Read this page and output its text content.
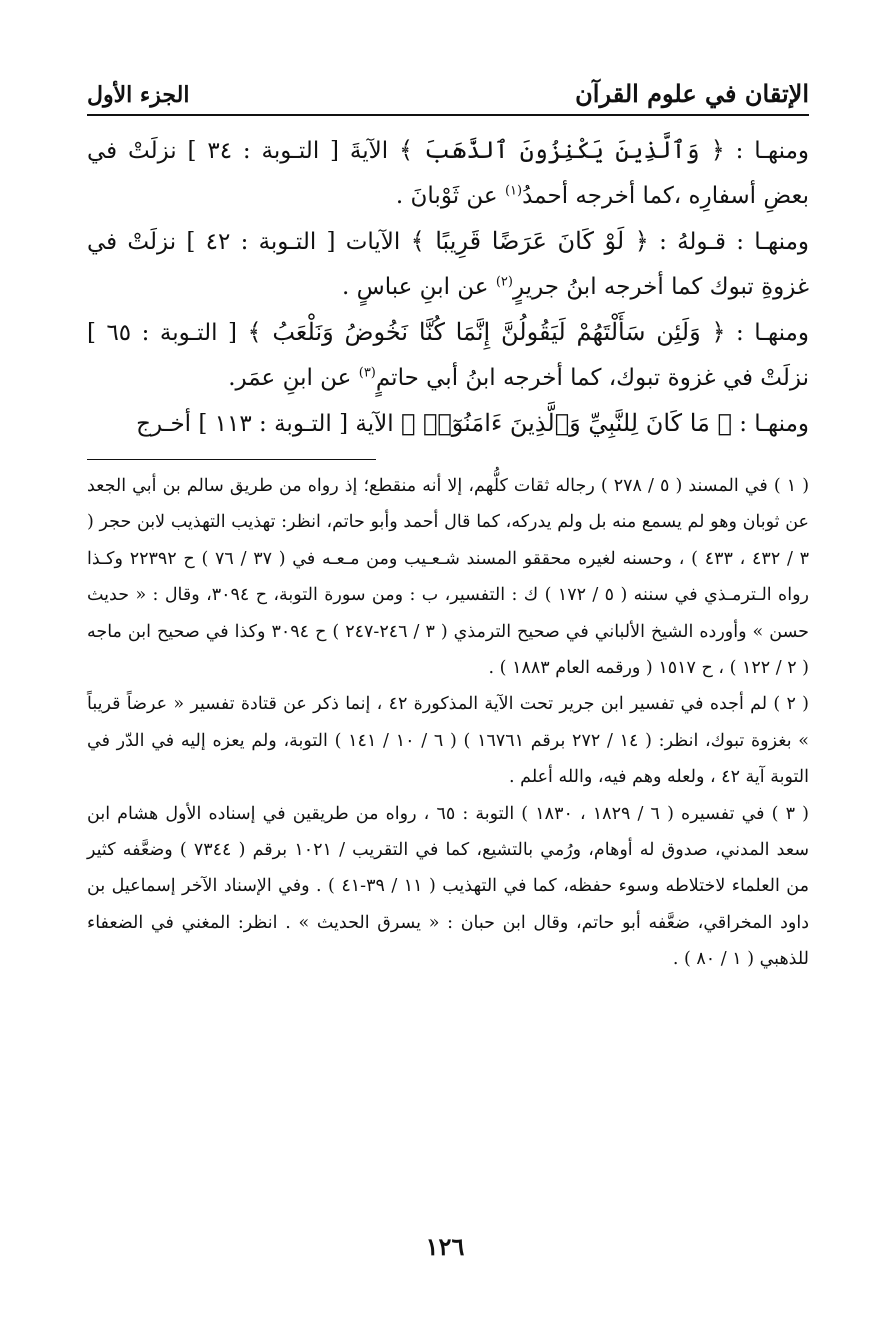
الإتقان في علوم القرآن
الجزء الأول

ومنهـا : ﴿ وَٱلَّذِينَ يَكْنِزُونَ ٱلذَّهَبَ ﴾ الآيةَ [ التـوبة : ٣٤ ] نزلَتْ في بعضِ أسفارِه ،كما أخرجه أحمدُ$^{(١)}$ عن ثَوْبانَ .

ومنهـا : قـولهُ : ﴿ لَوْ كَانَ عَرَضًا قَرِيبًا ﴾ الآيات [ التـوبة : ٤٢ ] نزلَتْ في غزوةِ تبوك كما أخرجه ابنُ جريرٍ$^{(٢)}$ عن ابنِ عباسٍ .

ومنهـا : ﴿ وَلَئِن سَأَلْتَهُمْ لَيَقُولُنَّ إِنَّمَا كُنَّا نَخُوضُ وَنَلْعَبُ ﴾ [ التـوبة : ٦٥ ] نزلَتْ في غزوة تبوك، كما أخرجه ابنُ أبي حاتمٍ$^{(٣)}$ عن ابنِ عمَر.

ومنهـا : ﴿ مَا كَانَ لِلنَّبِيِّ وَٱلَّذِينَ ءَامَنُوٓا۟ ﴾ الآية [ التـوبة : ١١٣ ] أخـرج

( ١ ) في المسند ( ٥ / ٢٧٨ ) رجاله ثقات كلُّهم، إلا أنه منقطع؛ إذ رواه من طريق سالم بن أبي الجعد عن ثوبان وهو لم يسمع منه بل ولم يدركه، كما قال أحمد وأبو حاتم، انظر: تهذيب التهذيب لابن حجر ( ٣ / ٤٣٢ ، ٤٣٣ ) ، وحسنه لغيره محققو المسند شـعـيب ومن مـعـه في ( ٣٧ / ٧٦ ) ح ٢٢٣٩٢ وكـذا رواه الـترمـذي في سننه ( ٥ / ١٧٢ ) ك : التفسير، ب : ومن سورة التوبة، ح ٣٠٩٤، وقال : « حديث حسن » وأورده الشيخ الألباني في صحيح الترمذي ( ٣ / ٢٤٦-٢٤٧ ) ح ٣٠٩٤ وكذا في صحيح ابن ماجه ( ٢ / ١٢٢ ) ، ح ١٥١٧ ( ورقمه العام ١٨٨٣ ) .

( ٢ ) لم أجده في تفسير ابن جرير تحت الآية المذكورة ٤٢ ، إنما ذكر عن قتادة تفسير « عرضاً قريباً » بغزوة تبوك، انظر: ( ١٤ / ٢٧٢ برقم ١٦٧٦١ ) ( ٦ / ١٠ / ١٤١ ) التوبة، ولم يعزه إليه في الدّر في التوبة آية ٤٢ ، ولعله وهم فيه، والله أعلم .

( ٣ ) في تفسيره ( ٦ / ١٨٢٩ ، ١٨٣٠ ) التوبة : ٦٥ ، رواه من طريقين في إسناده الأول هشام ابن سعد المدني، صدوق له أوهام، ورُمي بالتشيع، كما في التقريب / ١٠٢١ برقم ( ٧٣٤٤ ) وضعَّفه كثير من العلماء لاختلاطه وسوء حفظه، كما في التهذيب ( ١١ / ٣٩-٤١ ) . وفي الإسناد الآخر إسماعيل بن داود المخراقي، ضعَّفه أبو حاتم، وقال ابن حبان : « يسرق الحديث » . انظر: المغني في الضعفاء للذهبي ( ١ / ٨٠ ) .

١٢٦
